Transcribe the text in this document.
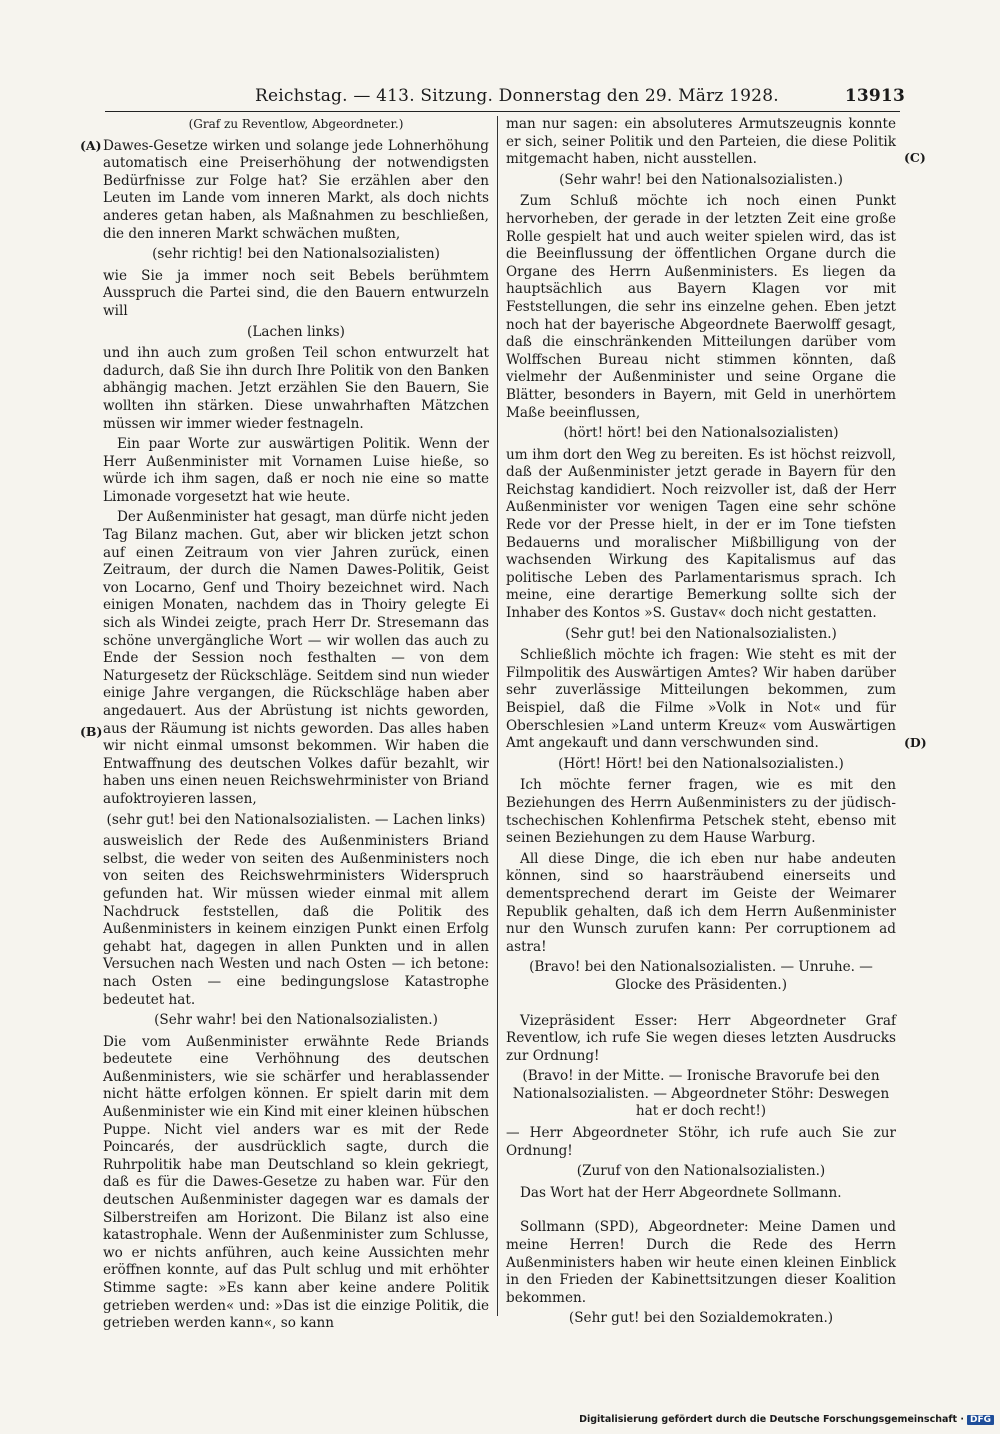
Reichstag. — 413. Sitzung. Donnerstag den 29. März 1928.	13913
(A)
(B)
(C)
(D)
(Graf zu Reventlow, Abgeordneter.)

Dawes-Gesetze wirken und solange jede Lohnerhöhung automatisch eine Preiserhöhung der notwendigsten Bedürfnisse zur Folge hat? Sie erzählen aber den Leuten im Lande vom inneren Markt, als doch nichts anderes getan haben, als Maßnahmen zu beschließen, die den inneren Markt schwächen mußten,

(sehr richtig! bei den Nationalsozialisten)

wie Sie ja immer noch seit Bebels berühmtem Ausspruch die Partei sind, die den Bauern entwurzeln will

(Lachen links)

und ihn auch zum großen Teil schon entwurzelt hat dadurch, daß Sie ihn durch Ihre Politik von den Banken abhängig machen. Jetzt erzählen Sie den Bauern, Sie wollten ihn stärken. Diese unwahrhaften Mätzchen müssen wir immer wieder festnageln.

Ein paar Worte zur auswärtigen Politik. Wenn der Herr Außenminister mit Vornamen Luise hieße, so würde ich ihm sagen, daß er noch nie eine so matte Limonade vorgesetzt hat wie heute.

Der Außenminister hat gesagt, man dürfe nicht jeden Tag Bilanz machen. Gut, aber wir blicken jetzt schon auf einen Zeitraum von vier Jahren zurück, einen Zeitraum, der durch die Namen Dawes-Politik, Geist von Locarno, Genf und Thoiry bezeichnet wird. Nach einigen Monaten, nachdem das in Thoiry gelegte Ei sich als Windei zeigte, prach Herr Dr. Stresemann das schöne unvergängliche Wort — wir wollen das auch zu Ende der Session noch festhalten — von dem Naturgesetz der Rückschläge. Seitdem sind nun wieder einige Jahre vergangen, die Rückschläge haben aber angedauert. Aus der Abrüstung ist nichts geworden, aus der Räumung ist nichts geworden. Das alles haben wir nicht einmal umsonst bekommen. Wir haben die Entwaffnung des deutschen Volkes dafür bezahlt, wir haben uns einen neuen Reichswehrminister von Briand aufoktroyieren lassen,

(sehr gut! bei den Nationalsozialisten. — Lachen links)

ausweislich der Rede des Außenministers Briand selbst, die weder von seiten des Außenministers noch von seiten des Reichswehrministers Widerspruch gefunden hat. Wir müssen wieder einmal mit allem Nachdruck feststellen, daß die Politik des Außenministers in keinem einzigen Punkt einen Erfolg gehabt hat, dagegen in allen Punkten und in allen Versuchen nach Westen und nach Osten — ich betone: nach Osten — eine bedingungslose Katastrophe bedeutet hat.

(Sehr wahr! bei den Nationalsozialisten.)

Die vom Außenminister erwähnte Rede Briands bedeutete eine Verhöhnung des deutschen Außenministers, wie sie schärfer und herablassender nicht hätte erfolgen können. Er spielt darin mit dem Außenminister wie ein Kind mit einer kleinen hübschen Puppe. Nicht viel anders war es mit der Rede Poincarés, der ausdrücklich sagte, durch die Ruhrpolitik habe man Deutschland so klein gekriegt, daß es für die Dawes-Gesetze zu haben war. Für den deutschen Außenminister dagegen war es damals der Silberstreifen am Horizont. Die Bilanz ist also eine katastrophale. Wenn der Außenminister zum Schlusse, wo er nichts anführen, auch keine Aussichten mehr eröffnen konnte, auf das Pult schlug und mit erhöhter Stimme sagte: »Es kann aber keine andere Politik getrieben werden« und: »Das ist die einzige Politik, die getrieben werden kann«, so kann

man nur sagen: ein absoluteres Armutszeugnis konnte er sich, seiner Politik und den Parteien, die diese Politik mitgemacht haben, nicht ausstellen.

(Sehr wahr! bei den Nationalsozialisten.)

Zum Schluß möchte ich noch einen Punkt hervorheben, der gerade in der letzten Zeit eine große Rolle gespielt hat und auch weiter spielen wird, das ist die Beeinflussung der öffentlichen Organe durch die Organe des Herrn Außenministers. Es liegen da hauptsächlich aus Bayern Klagen vor mit Feststellungen, die sehr ins einzelne gehen. Eben jetzt noch hat der bayerische Abgeordnete Baerwolff gesagt, daß die einschränkenden Mitteilungen darüber vom Wolffschen Bureau nicht stimmen könnten, daß vielmehr der Außenminister und seine Organe die Blätter, besonders in Bayern, mit Geld in unerhörtem Maße beeinflussen,

(hört! hört! bei den Nationalsozialisten)

um ihm dort den Weg zu bereiten. Es ist höchst reizvoll, daß der Außenminister jetzt gerade in Bayern für den Reichstag kandidiert. Noch reizvoller ist, daß der Herr Außenminister vor wenigen Tagen eine sehr schöne Rede vor der Presse hielt, in der er im Tone tiefsten Bedauerns und moralischer Mißbilligung von der wachsenden Wirkung des Kapitalismus auf das politische Leben des Parlamentarismus sprach. Ich meine, eine derartige Bemerkung sollte sich der Inhaber des Kontos »S. Gustav« doch nicht gestatten.

(Sehr gut! bei den Nationalsozialisten.)

Schließlich möchte ich fragen: Wie steht es mit der Filmpolitik des Auswärtigen Amtes? Wir haben darüber sehr zuverlässige Mitteilungen bekommen, zum Beispiel, daß die Filme »Volk in Not« und für Oberschlesien »Land unterm Kreuz« vom Auswärtigen Amt angekauft und dann verschwunden sind.

(Hört! Hört! bei den Nationalsozialisten.)

Ich möchte ferner fragen, wie es mit den Beziehungen des Herrn Außenministers zu der jüdisch-tschechischen Kohlenfirma Petschek steht, ebenso mit seinen Beziehungen zu dem Hause Warburg.

All diese Dinge, die ich eben nur habe andeuten können, sind so haarsträubend einerseits und dementsprechend derart im Geiste der Weimarer Republik gehalten, daß ich dem Herrn Außenminister nur den Wunsch zurufen kann: Per corruptionem ad astra!

(Bravo! bei den Nationalsozialisten. — Unruhe. — Glocke des Präsidenten.)

Vizepräsident Esser: Herr Abgeordneter Graf Reventlow, ich rufe Sie wegen dieses letzten Ausdrucks zur Ordnung!

(Bravo! in der Mitte. — Ironische Bravorufe bei den Nationalsozialisten. — Abgeordneter Stöhr: Deswegen hat er doch recht!)

— Herr Abgeordneter Stöhr, ich rufe auch Sie zur Ordnung!

(Zuruf von den Nationalsozialisten.)

Das Wort hat der Herr Abgeordnete Sollmann.

Sollmann (SPD), Abgeordneter: Meine Damen und meine Herren! Durch die Rede des Herrn Außenministers haben wir heute einen kleinen Einblick in den Frieden der Kabinettsitzungen dieser Koalition bekommen.

(Sehr gut! bei den Sozialdemokraten.)
Digitalisierung gefördert durch die Deutsche Forschungsgemeinschaft · DFG
